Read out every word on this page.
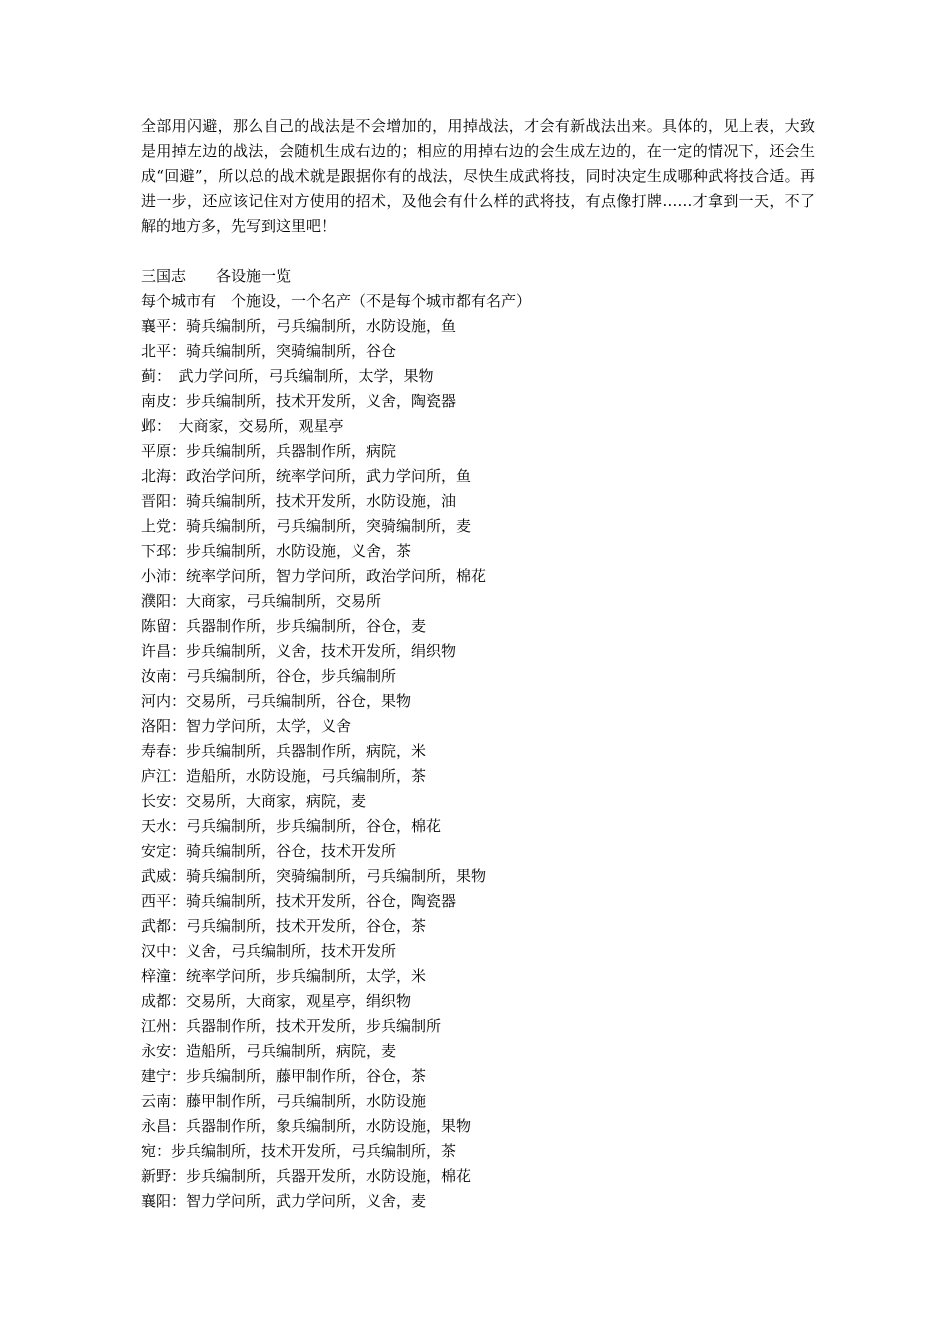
全部用闪避，那么自己的战法是不会增加的，用掉战法，才会有新战法出来。具体的，见上表，大致是用掉左边的战法，会随机生成右边的；相应的用掉右边的会生成左边的，在一定的情况下，还会生成“回避”，所以总的战术就是跟据你有的战法，尽快生成武将技，同时决定生成哪种武将技合适。再进一步，还应该记住对方使用的招术，及他会有什么样的武将技，有点像打牌……才拿到一天，不了解的地方多，先写到这里吧！

三国志　　各设施一览
每个城市有　个施设，一个名产（不是每个城市都有名产）
襄平：骑兵编制所，弓兵编制所，水防设施，鱼
北平：骑兵编制所，突骑编制所，谷仓
蓟：　武力学问所，弓兵编制所，太学，果物
南皮：步兵编制所，技术开发所，义舍，陶瓷器
邺：　大商家，交易所，观星亭
平原：步兵编制所，兵器制作所，病院
北海：政治学问所，统率学问所，武力学问所，鱼
晋阳：骑兵编制所，技术开发所，水防设施，油
上党：骑兵编制所，弓兵编制所，突骑编制所，麦
下邳：步兵编制所，水防设施，义舍，茶
小沛：统率学问所，智力学问所，政治学问所，棉花
濮阳：大商家，弓兵编制所，交易所
陈留：兵器制作所，步兵编制所，谷仓，麦
许昌：步兵编制所，义舍，技术开发所，绢织物
汝南：弓兵编制所，谷仓，步兵编制所
河内：交易所，弓兵编制所，谷仓，果物
洛阳：智力学问所，太学，义舍
寿春：步兵编制所，兵器制作所，病院，米
庐江：造船所，水防设施，弓兵编制所，茶
长安：交易所，大商家，病院，麦
天水：弓兵编制所，步兵编制所，谷仓，棉花
安定：骑兵编制所，谷仓，技术开发所
武威：骑兵编制所，突骑编制所，弓兵编制所，果物
西平：骑兵编制所，技术开发所，谷仓，陶瓷器
武都：弓兵编制所，技术开发所，谷仓，茶
汉中：义舍，弓兵编制所，技术开发所
梓潼：统率学问所，步兵编制所，太学，米
成都：交易所，大商家，观星亭，绢织物
江州：兵器制作所，技术开发所，步兵编制所
永安：造船所，弓兵编制所，病院，麦
建宁：步兵编制所，藤甲制作所，谷仓，茶
云南：藤甲制作所，弓兵编制所，水防设施
永昌：兵器制作所，象兵编制所，水防设施，果物
宛：步兵编制所，技术开发所，弓兵编制所，茶
新野：步兵编制所，兵器开发所，水防设施，棉花
襄阳：智力学问所，武力学问所，义舍，麦
